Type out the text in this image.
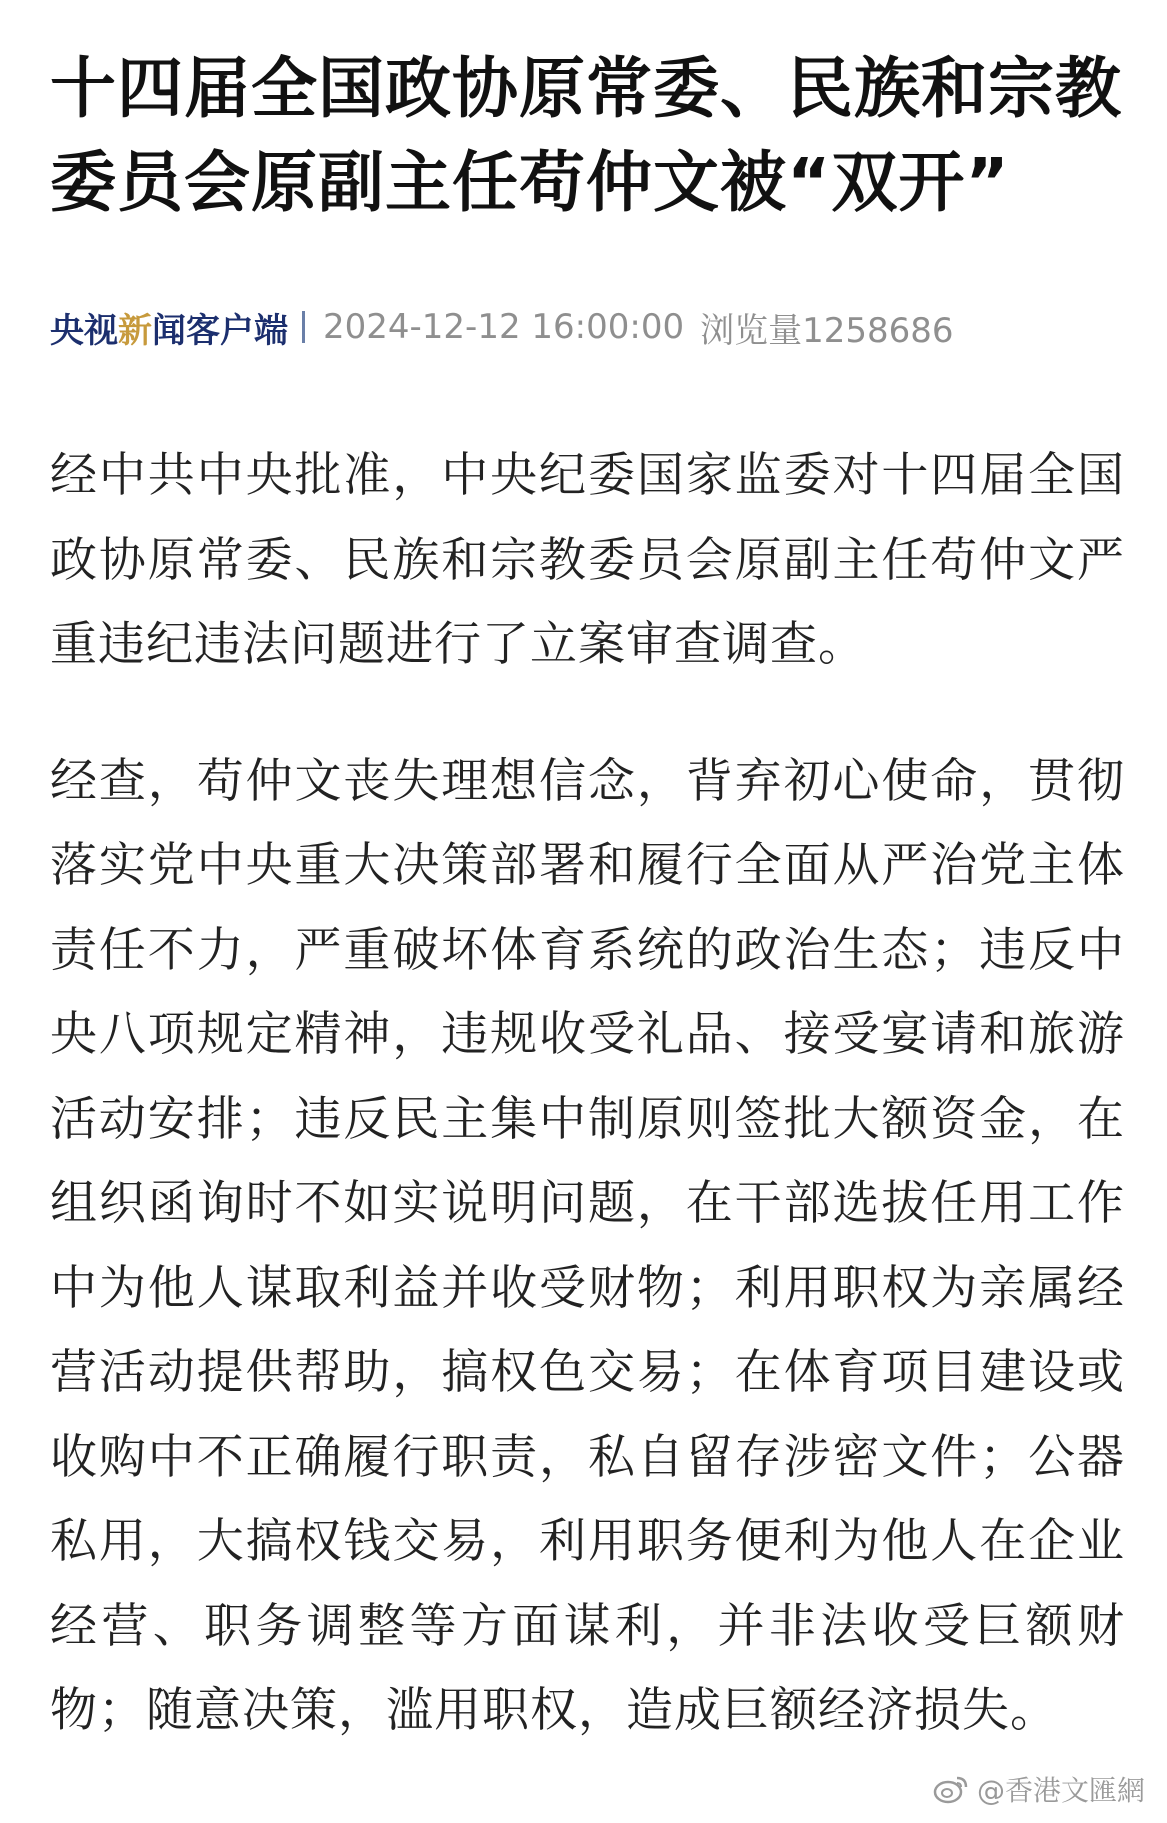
十四届全国政协原常委、民族和宗教委员会原副主任苟仲文被“双开”
央视新闻客户端 2024-12-12 16:00:00 浏览量1258686

经中共中央批准，中央纪委国家监委对十四届全国政协原常委、民族和宗教委员会原副主任苟仲文严重违纪违法问题进行了立案审查调查。

经查，苟仲文丧失理想信念，背弃初心使命，贯彻落实党中央重大决策部署和履行全面从严治党主体责任不力，严重破坏体育系统的政治生态；违反中央八项规定精神，违规收受礼品、接受宴请和旅游活动安排；违反民主集中制原则签批大额资金，在组织函询时不如实说明问题，在干部选拔任用工作中为他人谋取利益并收受财物；利用职权为亲属经营活动提供帮助，搞权色交易；在体育项目建设或收购中不正确履行职责，私自留存涉密文件；公器私用，大搞权钱交易，利用职务便利为他人在企业经营、职务调整等方面谋利，并非法收受巨额财物；随意决策，滥用职权，造成巨额经济损失。

@香港文匯網
